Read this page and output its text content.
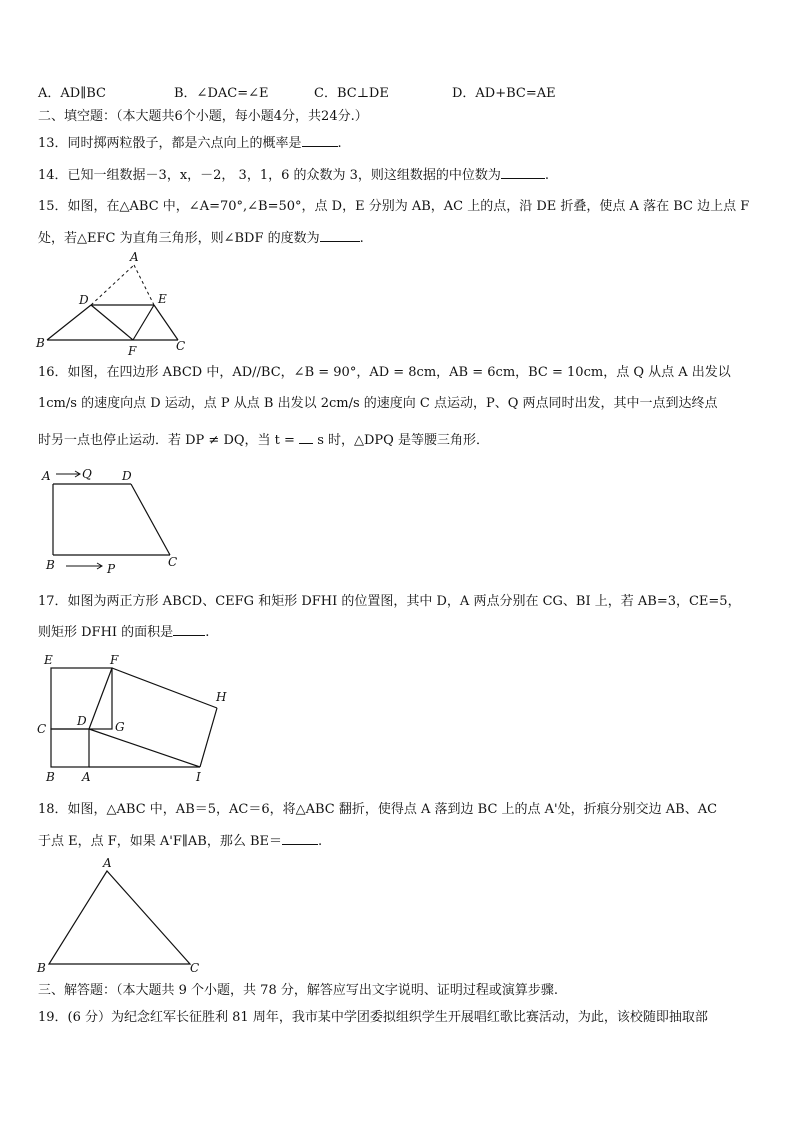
A．AD∥BC	B．∠DAC=∠E	C．BC⊥DE	D．AD+BC=AE
二、填空题：（本大题共6个小题，每小题4分，共24分.）
13．同时掷两粒骰子，都是六点向上的概率是	.
14．已知一组数据－3，x，－2， 3，1，6 的众数为 3，则这组数据的中位数为	.
15．如图，在△ABC 中，∠A=70°,∠B=50°，点 D，E 分别为 AB，AC 上的点，沿 DE 折叠，使点 A 落在 BC 边上点 F
处，若△EFC 为直角三角形，则∠BDF 的度数为	.
A
D	E
B
F	C
16．如图，在四边形 ABCD 中，AD//BC，∠B = 90°，AD = 8cm，AB = 6cm，BC = 10cm，点 Q 从点 A 出发以
1cm/s 的速度向点 D 运动，点 P 从点 B 出发以 2cm/s 的速度向 C 点运动，P、Q 两点同时出发，其中一点到达终点
时另一点也停止运动．若 DP ≠ DQ，当 t =  s 时，△DPQ 是等腰三角形．
A	Q	D
B	P	C
17．如图为两正方形 ABCD、CEFG 和矩形 DFHI 的位置图，其中 D，A 两点分别在 CG、BI 上，若 AB=3，CE=5，
则矩形 DFHI 的面积是 .
E	F
H
C
D G
B A	I
18．如图，△ABC 中，AB＝5，AC＝6，将△ABC 翻折，使得点 A 落到边 BC 上的点 A'处，折痕分别交边 AB、AC
于点 E，点 F，如果 A'F∥AB，那么 BE＝	.
A
B	C
三、解答题：（本大题共 9 个小题，共 78 分，解答应写出文字说明、证明过程或演算步骤.
19．(6 分）为纪念红军长征胜利 81 周年，我市某中学团委拟组织学生开展唱红歌比赛活动，为此，该校随即抽取部
